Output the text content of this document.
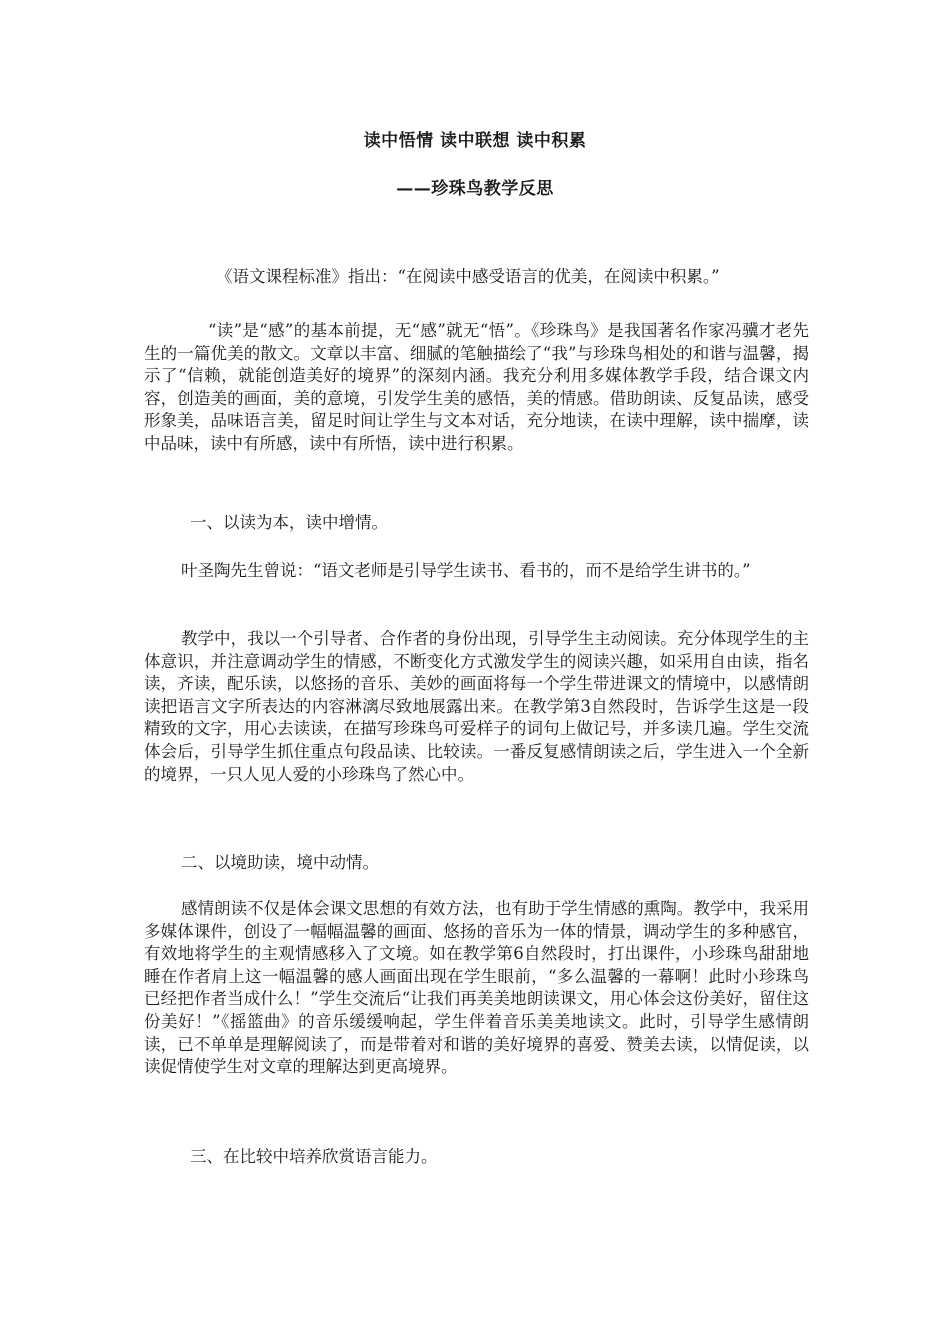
读中悟情 读中联想 读中积累
——珍珠鸟教学反思

《语文课程标准》指出：“在阅读中感受语言的优美，在阅读中积累。”

“读”是“感”的基本前提，无“感”就无“悟”。《珍珠鸟》是我国著名作家冯骥才老先生的一篇优美的散文。文章以丰富、细腻的笔触描绘了“我”与珍珠鸟相处的和谐与温馨，揭示了“信赖，就能创造美好的境界”的深刻内涵。我充分利用多媒体教学手段，结合课文内容，创造美的画面，美的意境，引发学生美的感悟，美的情感。借助朗读、反复品读，感受形象美，品味语言美，留足时间让学生与文本对话，充分地读，在读中理解，读中揣摩，读中品味，读中有所感，读中有所悟，读中进行积累。

一、以读为本，读中增情。

叶圣陶先生曾说：“语文老师是引导学生读书、看书的，而不是给学生讲书的。”

教学中，我以一个引导者、合作者的身份出现，引导学生主动阅读。充分体现学生的主体意识，并注意调动学生的情感，不断变化方式激发学生的阅读兴趣，如采用自由读，指名读，齐读，配乐读，以悠扬的音乐、美妙的画面将每一个学生带进课文的情境中，以感情朗读把语言文字所表达的内容淋漓尽致地展露出来。在教学第3自然段时，告诉学生这是一段精致的文字，用心去读读，在描写珍珠鸟可爱样子的词句上做记号，并多读几遍。学生交流体会后，引导学生抓住重点句段品读、比较读。一番反复感情朗读之后，学生进入一个全新的境界，一只人见人爱的小珍珠鸟了然心中。

二、以境助读，境中动情。

感情朗读不仅是体会课文思想的有效方法，也有助于学生情感的熏陶。教学中，我采用多媒体课件，创设了一幅幅温馨的画面、悠扬的音乐为一体的情景，调动学生的多种感官，有效地将学生的主观情感移入了文境。如在教学第6自然段时，打出课件，小珍珠鸟甜甜地睡在作者肩上这一幅温馨的感人画面出现在学生眼前，“多么温馨的一幕啊！此时小珍珠鸟已经把作者当成什么！”学生交流后“让我们再美美地朗读课文，用心体会这份美好，留住这份美好！”《摇篮曲》的音乐缓缓响起，学生伴着音乐美美地读文。此时，引导学生感情朗读，已不单单是理解阅读了，而是带着对和谐的美好境界的喜爱、赞美去读，以情促读，以读促情使学生对文章的理解达到更高境界。

三、在比较中培养欣赏语言能力。
